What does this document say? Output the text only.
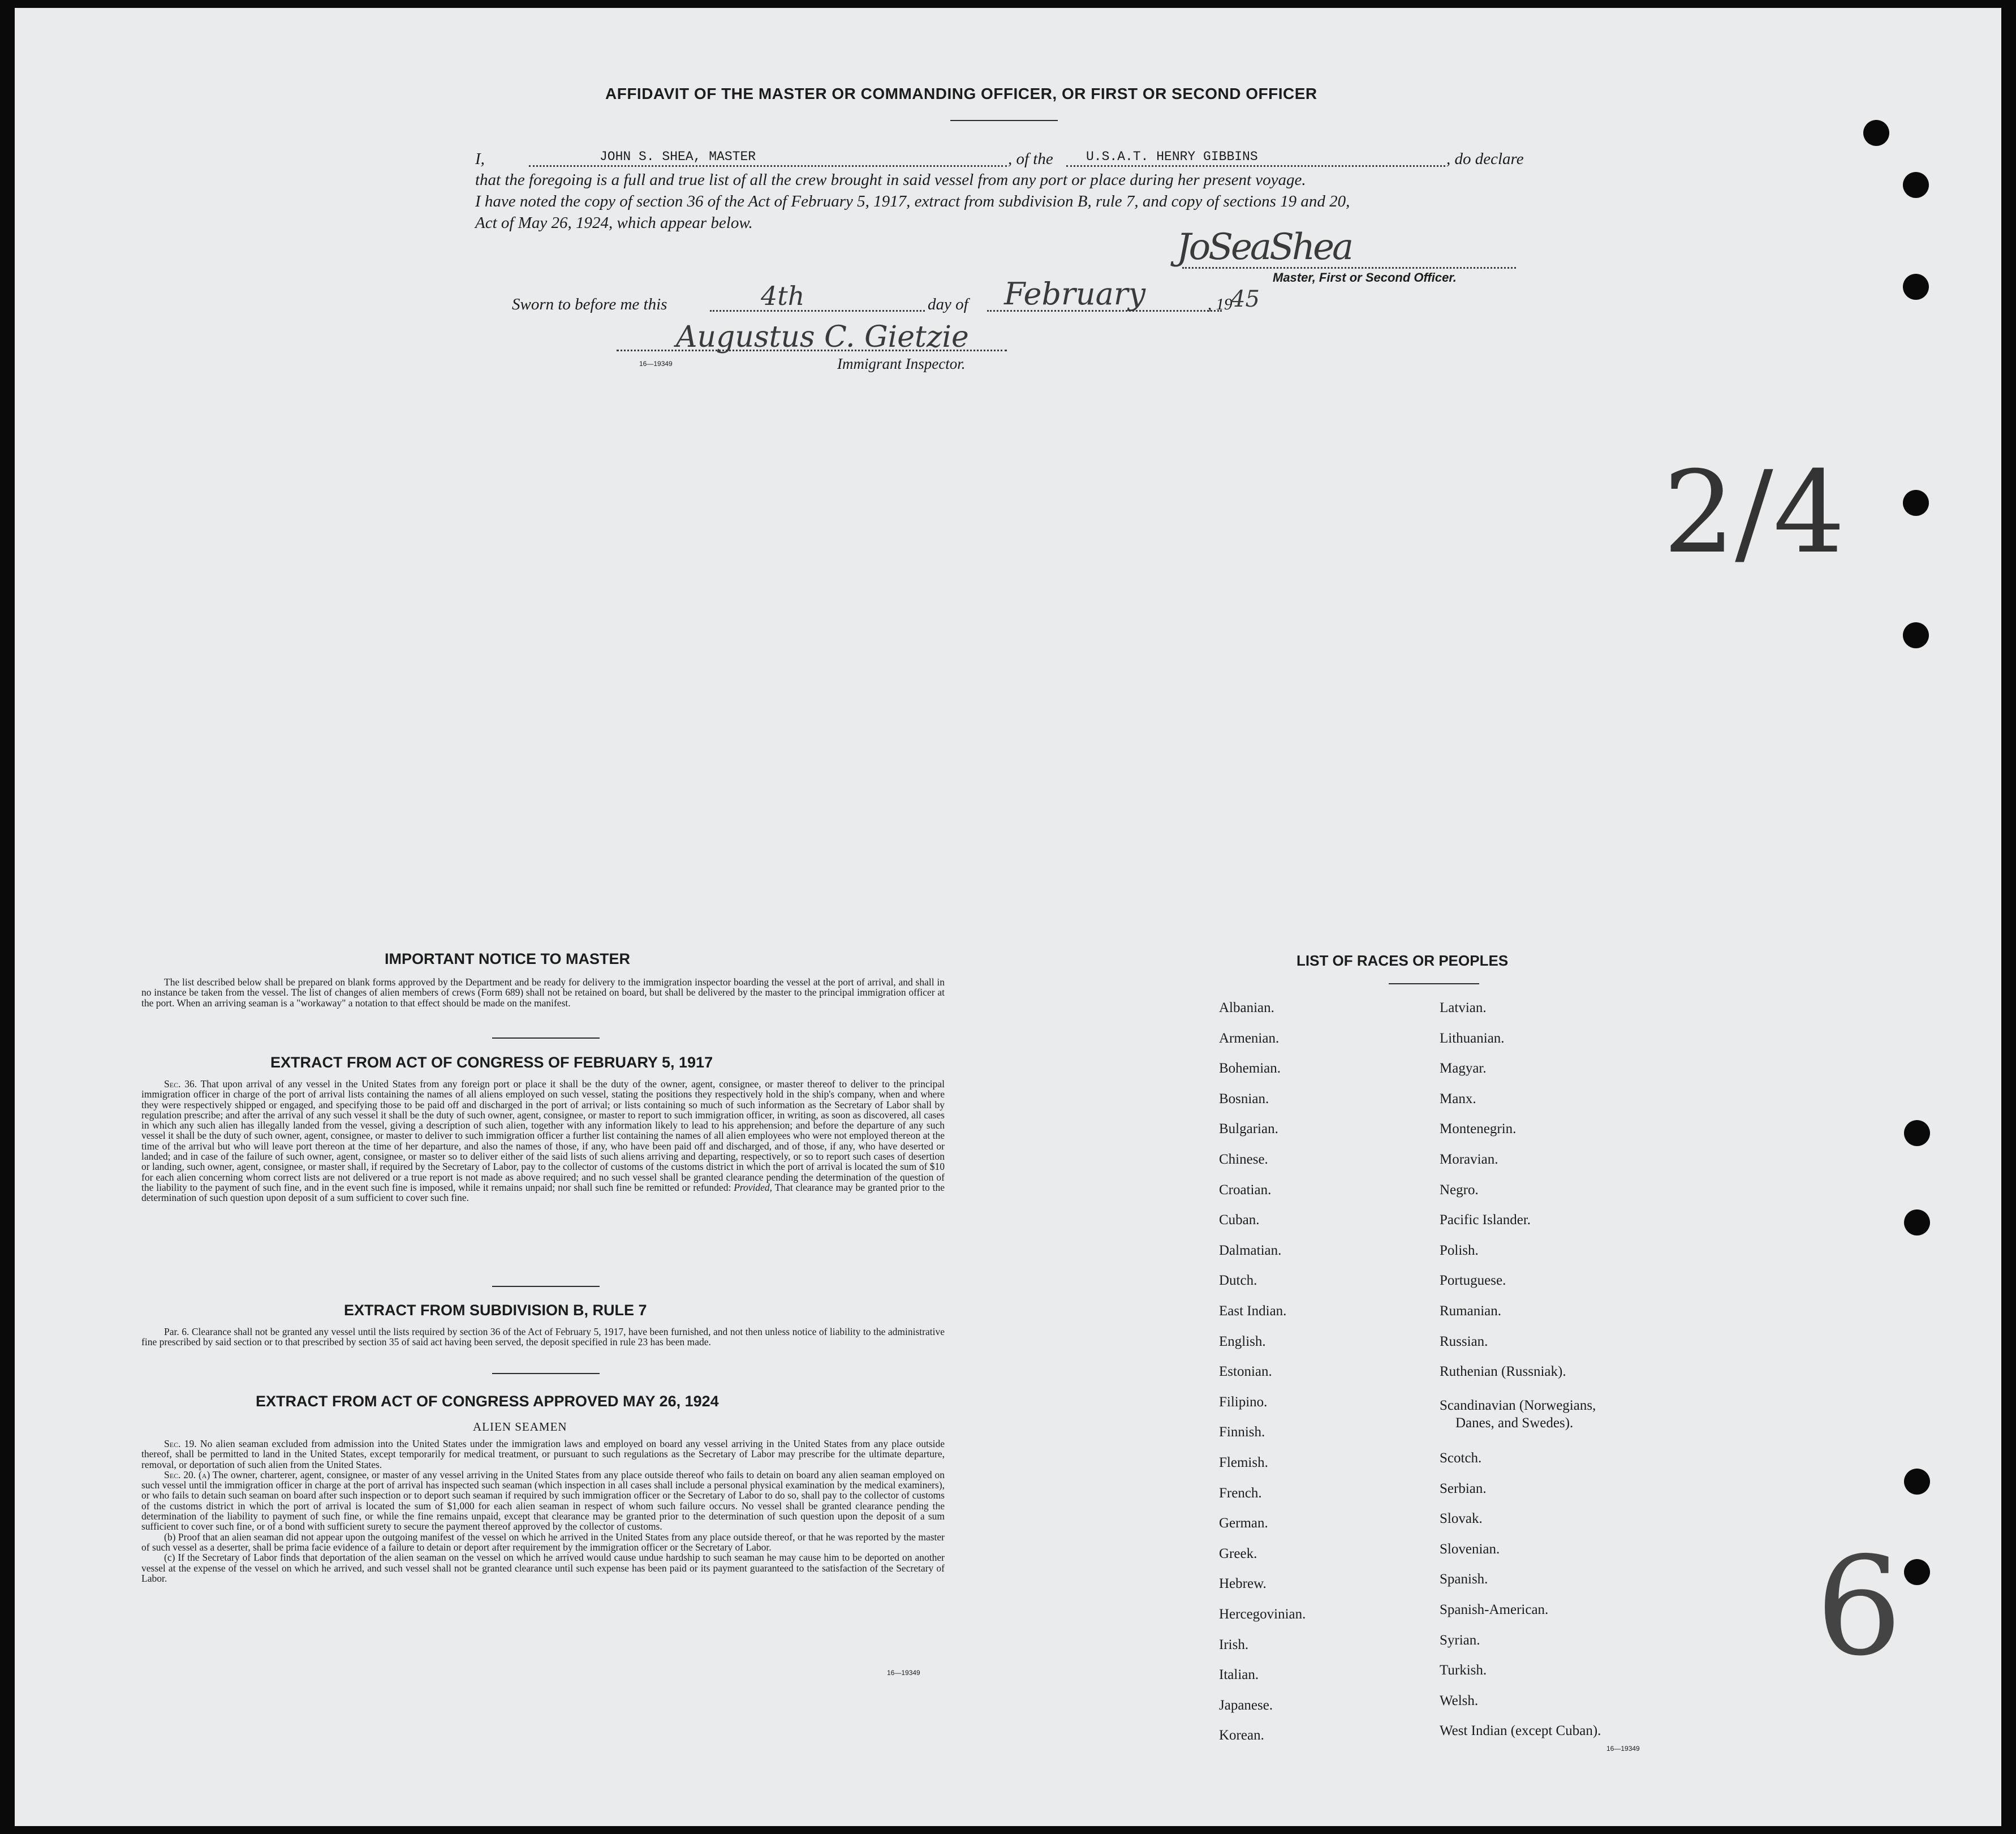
AFFIDAVIT OF THE MASTER OR COMMANDING OFFICER, OR FIRST OR SECOND OFFICER
I,	JOHN S. SHEA, MASTER	, of the	U.S.A.T. HENRY GIBBINS	, do declare
that the foregoing is a full and true list of all the crew brought in said vessel from any port or place during her present voyage.
I have noted the copy of section 36 of the Act of February 5, 1917, extract from subdivision B, rule 7, and copy of sections 19 and 20,
Act of May 26, 1924, which appear below.
JoSeaShea
Master, First or Second Officer.
Sworn to before me this	4th	day of February	, 19
45
Augustus C. Gietzie
16—19349	Immigrant Inspector.
2/4
6
IMPORTANT NOTICE TO MASTER

The list described below shall be prepared on blank forms approved by the Department and be ready for delivery to the immigration inspector boarding the vessel at the port of arrival, and shall in no instance be taken from the vessel. The list of changes of alien members of crews (Form 689) shall not be retained on board, but shall be delivered by the master to the principal immigration officer at the port. When an arriving seaman is a "workaway" a notation to that effect should be made on the manifest.

EXTRACT FROM ACT OF CONGRESS OF FEBRUARY 5, 1917

Sec. 36. That upon arrival of any vessel in the United States from any foreign port or place it shall be the duty of the owner, agent, consignee, or master thereof to deliver to the principal immigration officer in charge of the port of arrival lists containing the names of all aliens employed on such vessel, stating the positions they respectively hold in the ship's company, when and where they were respectively shipped or engaged, and specifying those to be paid off and discharged in the port of arrival; or lists containing so much of such information as the Secretary of Labor shall by regulation prescribe; and after the arrival of any such vessel it shall be the duty of such owner, agent, consignee, or master to report to such immigration officer, in writing, as soon as discovered, all cases in which any such alien has illegally landed from the vessel, giving a description of such alien, together with any information likely to lead to his apprehension; and before the departure of any such vessel it shall be the duty of such owner, agent, consignee, or master to deliver to such immigration officer a further list containing the names of all alien employees who were not employed thereon at the time of the arrival but who will leave port thereon at the time of her departure, and also the names of those, if any, who have been paid off and discharged, and of those, if any, who have deserted or landed; and in case of the failure of such owner, agent, consignee, or master so to deliver either of the said lists of such aliens arriving and departing, respectively, or so to report such cases of desertion or landing, such owner, agent, consignee, or master shall, if required by the Secretary of Labor, pay to the collector of customs of the customs district in which the port of arrival is located the sum of $10 for each alien concerning whom correct lists are not delivered or a true report is not made as above required; and no such vessel shall be granted clearance pending the determination of the question of the liability to the payment of such fine, and in the event such fine is imposed, while it remains unpaid; nor shall such fine be remitted or refunded: Provided, That clearance may be granted prior to the determination of such question upon deposit of a sum sufficient to cover such fine.

EXTRACT FROM SUBDIVISION B, RULE 7

Par. 6. Clearance shall not be granted any vessel until the lists required by section 36 of the Act of February 5, 1917, have been furnished, and not then unless notice of liability to the administrative fine prescribed by said section or to that prescribed by section 35 of said act having been served, the deposit specified in rule 23 has been made.

EXTRACT FROM ACT OF CONGRESS APPROVED MAY 26, 1924
ALIEN SEAMEN

Sec. 19. No alien seaman excluded from admission into the United States under the immigration laws and employed on board any vessel arriving in the United States from any place outside thereof, shall be permitted to land in the United States, except temporarily for medical treatment, or pursuant to such regulations as the Secretary of Labor may prescribe for the ultimate departure, removal, or deportation of such alien from the United States.

Sec. 20. (a) The owner, charterer, agent, consignee, or master of any vessel arriving in the United States from any place outside thereof who fails to detain on board any alien seaman employed on such vessel until the immigration officer in charge at the port of arrival has inspected such seaman (which inspection in all cases shall include a personal physical examination by the medical examiners), or who fails to detain such seaman on board after such inspection or to deport such seaman if required by such immigration officer or the Secretary of Labor to do so, shall pay to the collector of customs of the customs district in which the port of arrival is located the sum of $1,000 for each alien seaman in respect of whom such failure occurs. No vessel shall be granted clearance pending the determination of the liability to payment of such fine, or while the fine remains unpaid, except that clearance may be granted prior to the determination of such question upon the deposit of a sum sufficient to cover such fine, or of a bond with sufficient surety to secure the payment thereof approved by the collector of customs.

(b) Proof that an alien seaman did not appear upon the outgoing manifest of the vessel on which he arrived in the United States from any place outside thereof, or that he was reported by the master of such vessel as a deserter, shall be prima facie evidence of a failure to detain or deport after requirement by the immigration officer or the Secretary of Labor.

(c) If the Secretary of Labor finds that deportation of the alien seaman on the vessel on which he arrived would cause undue hardship to such seaman he may cause him to be deported on another vessel at the expense of the vessel on which he arrived, and such vessel shall not be granted clearance until such expense has been paid or its payment guaranteed to the satisfaction of the Secretary of Labor.

16—19349
LIST OF RACES OR PEOPLES
Albanian.
Armenian.
Bohemian.
Bosnian.
Bulgarian.
Chinese.
Croatian.
Cuban.
Dalmatian.
Dutch.
East Indian.
English.
Estonian.
Filipino.
Finnish.
Flemish.
French.
German.
Greek.
Hebrew.
Hercegovinian.
Irish.
Italian.
Japanese.
Korean.
Latvian.
Lithuanian.
Magyar.
Manx.
Montenegrin.
Moravian.
Negro.
Pacific Islander.
Polish.
Portuguese.
Rumanian.
Russian.
Ruthenian (Russniak).
Scandinavian (Norwegians,
Danes, and Swedes).
Scotch.
Serbian.
Slovak.
Slovenian.
Spanish.
Spanish-American.
Syrian.
Turkish.
Welsh.
West Indian (except Cuban).
16—19349
